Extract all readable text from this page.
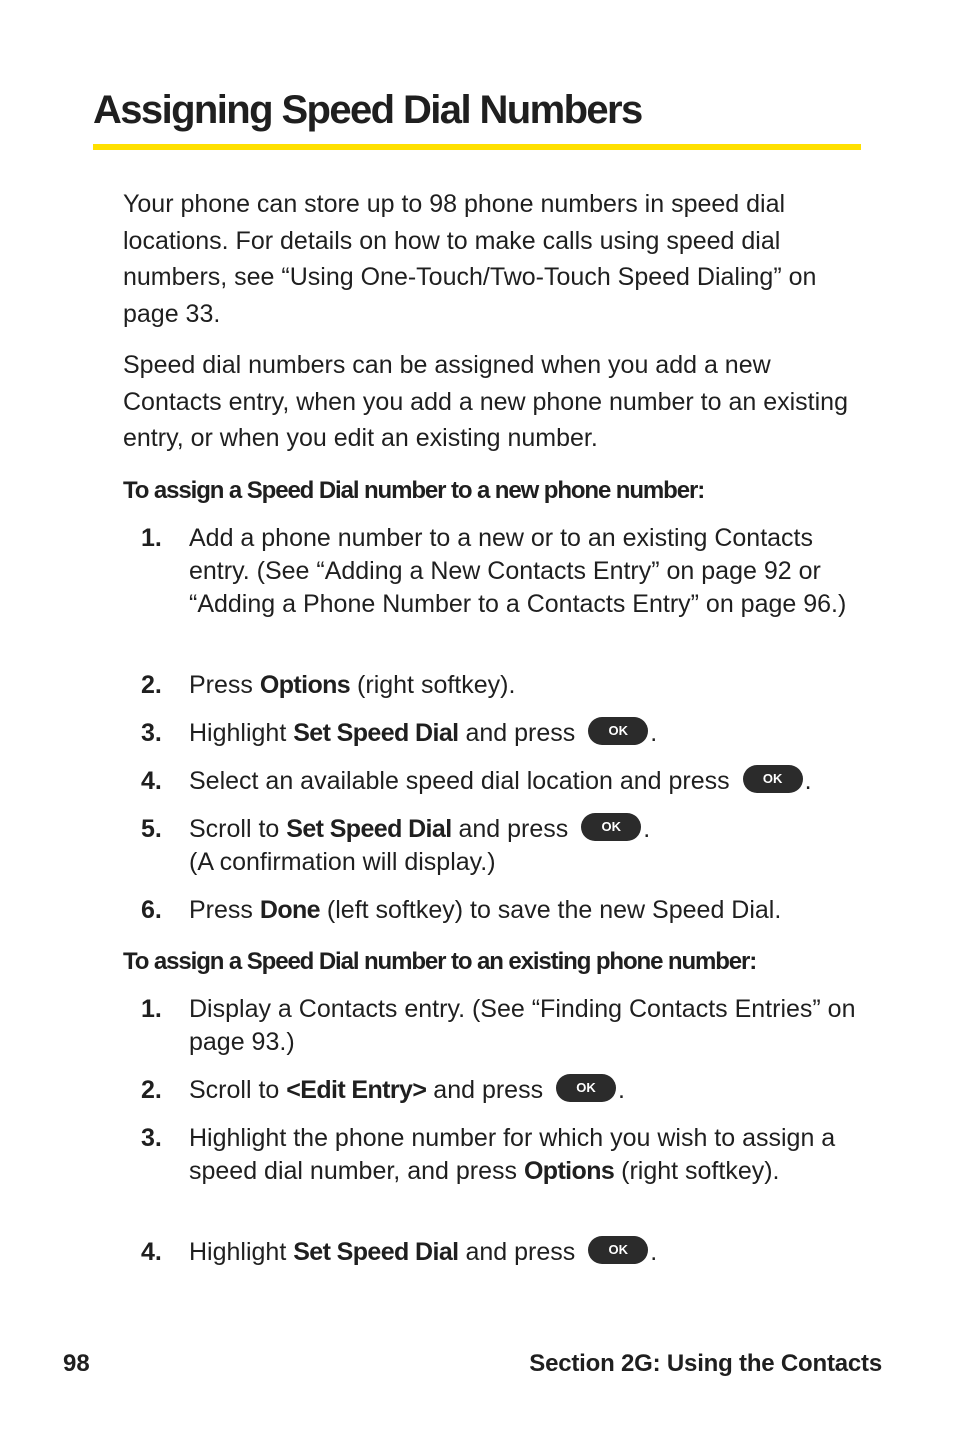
Assigning Speed Dial Numbers

Your phone can store up to 98 phone numbers in speed dial locations. For details on how to make calls using speed dial numbers, see “Using One-Touch/Two-Touch Speed Dialing” on page 33.

Speed dial numbers can be assigned when you add a new Contacts entry, when you add a new phone number to an existing entry, or when you edit an existing number.

To assign a Speed Dial number to a new phone number:

1.	Add a phone number to a new or to an existing Contacts entry. (See “Adding a New Contacts Entry” on page 92 or “Adding a Phone Number to a Contacts Entry” on page 96.)
2.	Press Options (right softkey).
3.	Highlight Set Speed Dial and press	OK .
4.	Select an available speed dial location and press	OK .
5.	Scroll to Set Speed Dial and press	OK .
(A confirmation will display.)
6.	Press Done (left softkey) to save the new Speed Dial.

To assign a Speed Dial number to an existing phone number:

1.	Display a Contacts entry. (See “Finding Contacts Entries” on page 93.)
2.	Scroll to <Edit Entry> and press	OK .
3.	Highlight the phone number for which you wish to assign a speed dial number, and press Options (right softkey).
4.	Highlight Set Speed Dial and press	OK .
98	Section 2G: Using the Contacts
